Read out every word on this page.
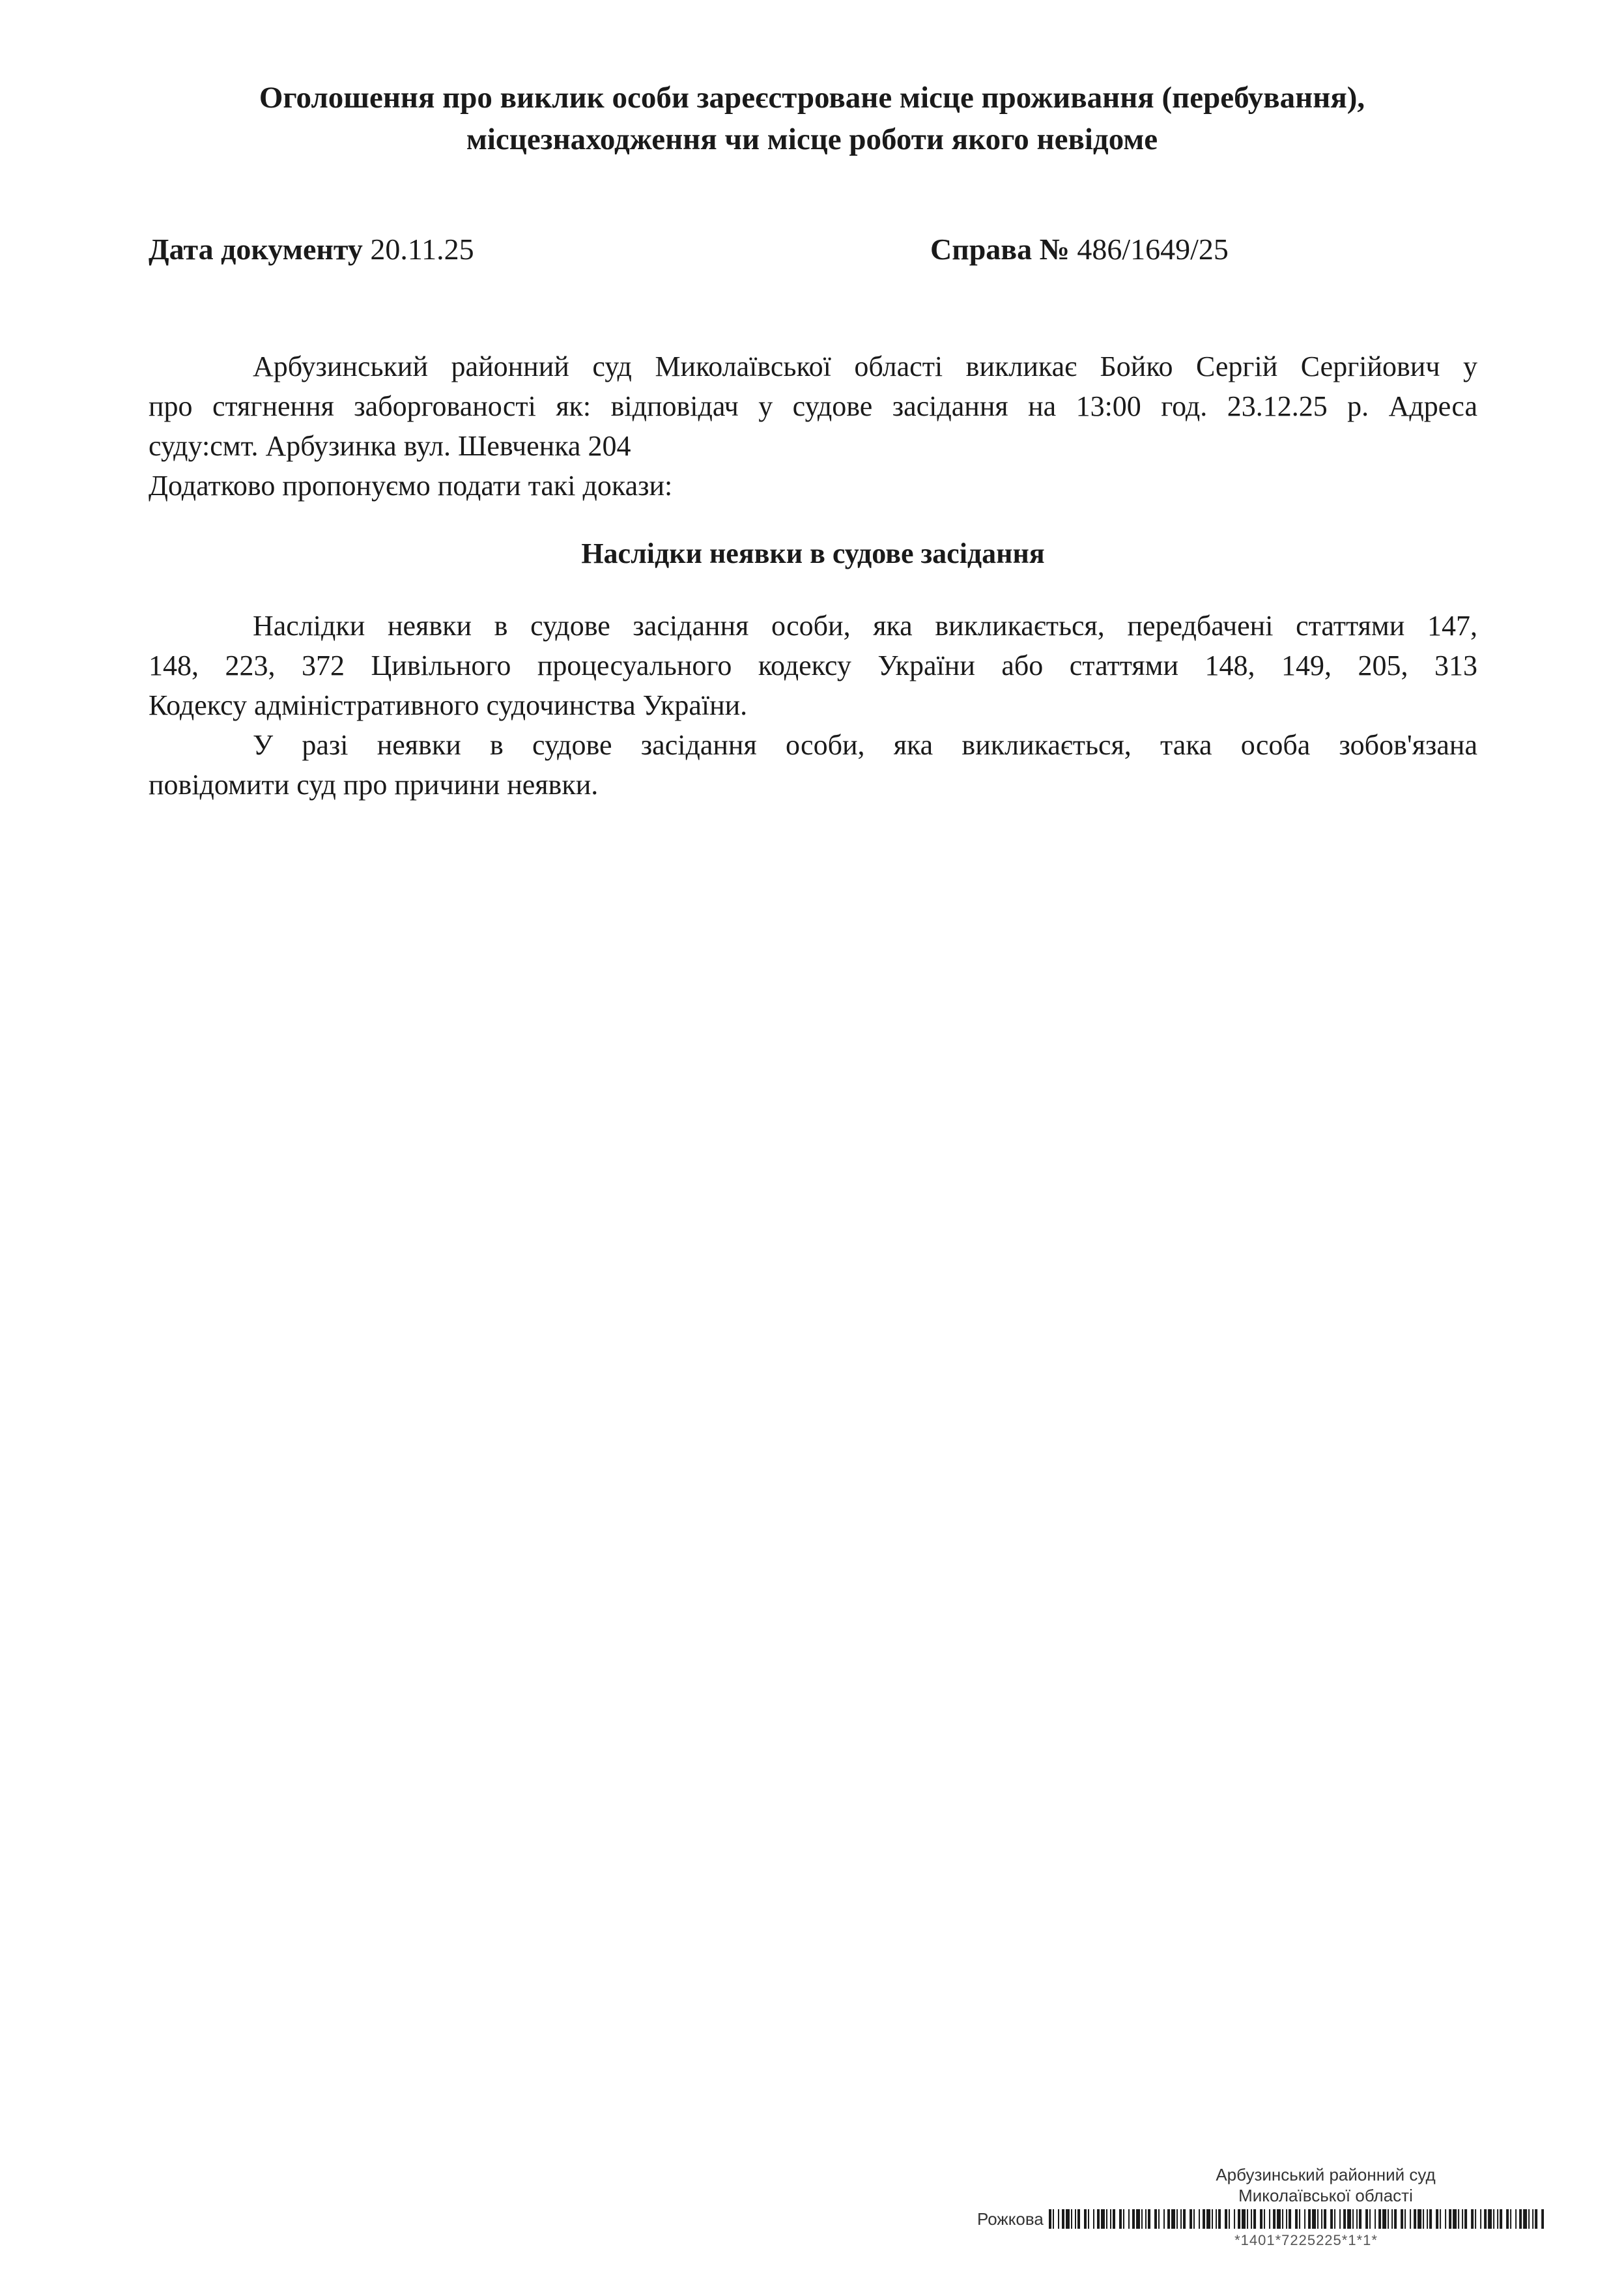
Оголошення про виклик особи зареєстроване місце проживання (перебування),
місцезнаходження чи місце роботи якого невідоме
Дата документу 20.11.25	Справа № 486/1649/25
Арбузинський районний суд Миколаївської області викликає Бойко Сергій Сергійович у
про стягнення заборгованості як: відповідач у судове засідання на 13:00 год. 23.12.25 р. Адреса
суду:смт. Арбузинка вул. Шевченка 204
Додатково пропонуємо подати такі докази:
Наслідки неявки в судове засідання
Наслідки неявки в судове засідання особи, яка викликається, передбачені статтями 147,
148, 223, 372 Цивільного процесуального кодексу України або статтями 148, 149, 205, 313
Кодексу адміністративного судочинства України.
У разі неявки в судове засідання особи, яка викликається, така особа зобов'язана
повідомити суд про причини неявки.
Арбузинський районний суд
Миколаївської області
Рожкова
*1401*7225225*1*1*
